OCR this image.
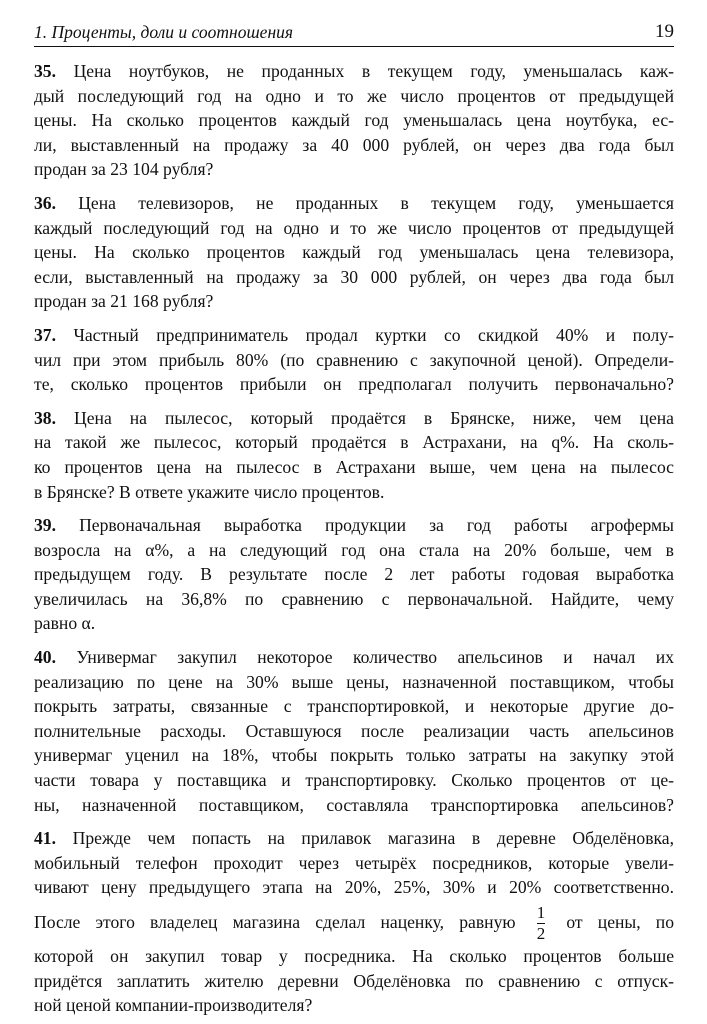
1. Проценты, доли и соотношения	19
35. Цена ноутбуков, не проданных в текущем году, уменьшалась каж-
дый последующий год на одно и то же число процентов от предыдущей
цены. На сколько процентов каждый год уменьшалась цена ноутбука, ес-
ли, выставленный на продажу за 40 000 рублей, он через два года был
продан за 23 104 рубля?
36. Цена телевизоров, не проданных в текущем году, уменьшается
каждый последующий год на одно и то же число процентов от предыдущей
цены. На сколько процентов каждый год уменьшалась цена телевизора,
если, выставленный на продажу за 30 000 рублей, он через два года был
продан за 21 168 рубля?
37. Частный предприниматель продал куртки со скидкой 40% и полу-
чил при этом прибыль 80% (по сравнению с закупочной ценой). Определи-
те, сколько процентов прибыли он предполагал получить первоначально?
38. Цена на пылесос, который продаётся в Брянске, ниже, чем цена
на такой же пылесос, который продаётся в Астрахани, на q%. На сколь-
ко процентов цена на пылесос в Астрахани выше, чем цена на пылесос
в Брянске? В ответе укажите число процентов.
39. Первоначальная выработка продукции за год работы агрофермы
возросла на α%, а на следующий год она стала на 20% больше, чем в
предыдущем году. В результате после 2 лет работы годовая выработка
увеличилась на 36,8% по сравнению с первоначальной. Найдите, чему
равно α.
40. Универмаг закупил некоторое количество апельсинов и начал их
реализацию по цене на 30% выше цены, назначенной поставщиком, чтобы
покрыть затраты, связанные с транспортировкой, и некоторые другие до-
полнительные расходы. Оставшуюся после реализации часть апельсинов
универмаг уценил на 18%, чтобы покрыть только затраты на закупку этой
части товара у поставщика и транспортировку. Сколько процентов от це-
ны, назначенной поставщиком, составляла транспортировка апельсинов?
41. Прежде чем попасть на прилавок магазина в деревне Обделёновка,
мобильный телефон проходит через четырёх посредников, которые увели-
чивают цену предыдущего этапа на 20%, 25%, 30% и 20% соответственно.
После этого владелец магазина сделал наценку, равную $\frac{1}{2}$ от цены, по
которой он закупил товар у посредника. На сколько процентов больше
придётся заплатить жителю деревни Обделёновка по сравнению с отпуск-
ной ценой компании-производителя?
